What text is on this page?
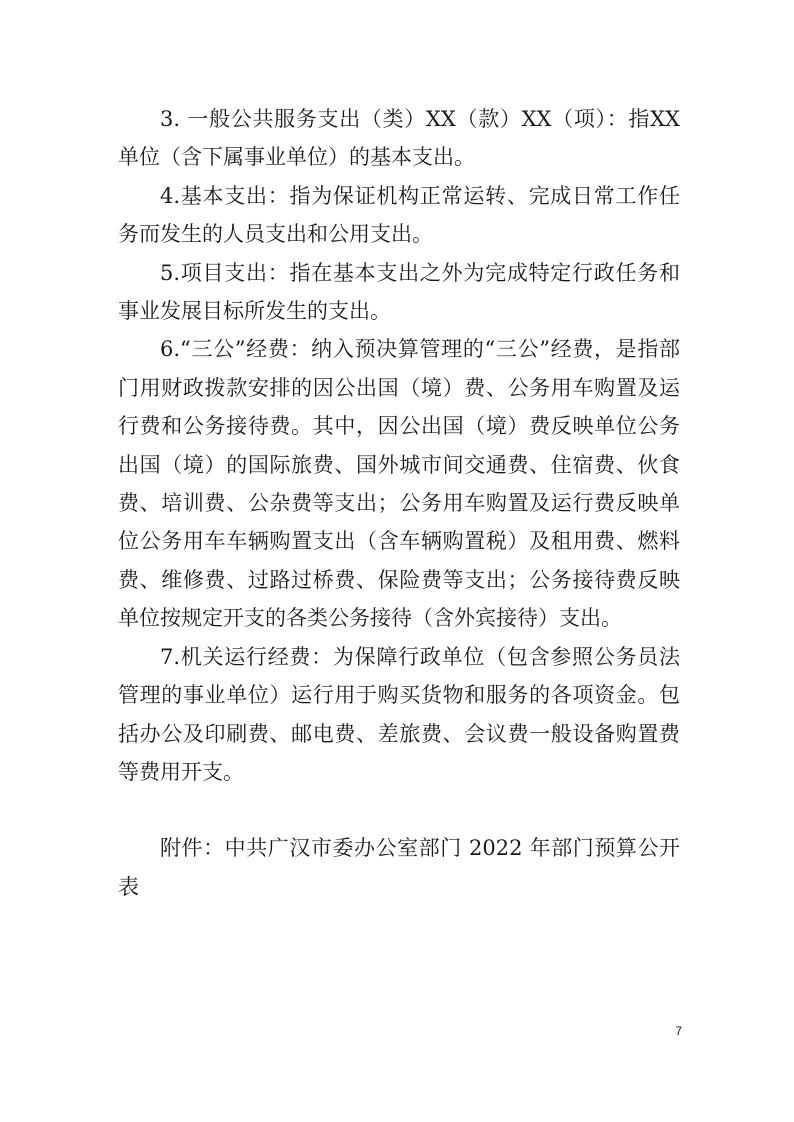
3. 一般公共服务支出（类）XX（款）XX（项）：指XX单位（含下属事业单位）的基本支出。

4.基本支出：指为保证机构正常运转、完成日常工作任务而发生的人员支出和公用支出。

5.项目支出：指在基本支出之外为完成特定行政任务和事业发展目标所发生的支出。

6.“三公”经费：纳入预决算管理的“三公”经费，是指部门用财政拨款安排的因公出国（境）费、公务用车购置及运行费和公务接待费。其中，因公出国（境）费反映单位公务出国（境）的国际旅费、国外城市间交通费、住宿费、伙食费、培训费、公杂费等支出；公务用车购置及运行费反映单位公务用车车辆购置支出（含车辆购置税）及租用费、燃料费、维修费、过路过桥费、保险费等支出；公务接待费反映单位按规定开支的各类公务接待（含外宾接待）支出。

7.机关运行经费：为保障行政单位（包含参照公务员法管理的事业单位）运行用于购买货物和服务的各项资金。包括办公及印刷费、邮电费、差旅费、会议费一般设备购置费等费用开支。

附件：中共广汉市委办公室部门 2022 年部门预算公开表

7
